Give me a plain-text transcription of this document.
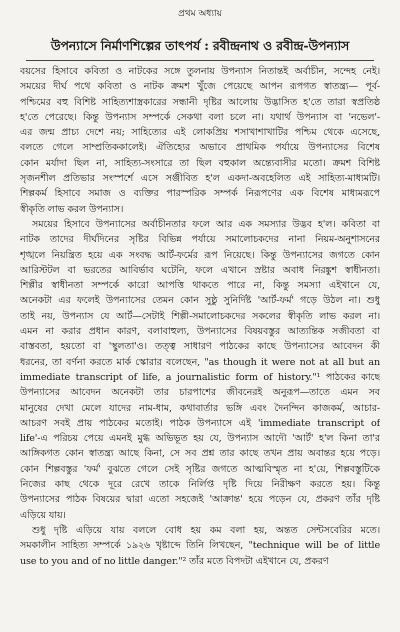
প্রথম অধ্যায়
উপন্যাসে নির্মাণশিল্পের তাৎপর্য : রবীন্দ্রনাথ ও রবীন্দ্র-উপন্যাস
বয়সের হিসাবে কবিতা ও নাটকের সঙ্গে তুলনায় উপন্যাস নিতান্তই অর্বাচীন, সন্দেহ নেই।
সময়ের দীর্ঘ পথে কবিতা ও নাটক ক্রমশ খুঁজে পেয়েছে আপন রূপগত স্বাতন্ত্র্য— পূর্ব-
পশ্চিমের বহু বিশিষ্ট সাহিত্যশাস্ত্রকারের সন্ধানী দৃষ্টির আলোয় উদ্ভাসিত হ'তে তারা স্বপ্রতিষ্ঠ
হ'তে পেরেছে। কিন্তু উপন্যাস সম্পর্কে সেকথা বলা চলে না। যথার্থ উপন্যাস বা 'নভেল'-
এর জন্ম প্রাচ্য দেশে নয়; সাহিত্যের এই লোকপ্রিয় শসাখাশাখাটির পশ্চিম থেকে এসেছে,
বলতে গেলে সাম্প্রতিককালেই। ঐতিহ্যের অভাবে প্রাথমিক পর্যায়ে উপন্যাসের বিশেষ
কোন মর্যাদা ছিল না, সাহিত্য-সংসারে তা ছিল বহুকাল অন্ত্যেবাসীর মতো। ক্রমশ বিশিষ্ট
সৃজনশীল প্রতিভার সংস্পর্শে এসে সঞ্জীবিত হ'ল একদা-অবহেলিত এই সাহিত্য-মাধ্যমটি।
শিল্পকর্ম হিসাবে সমাজ ও ব্যক্তির পারস্পরিক সম্পর্ক নিরূপণের এক বিশেষ মাধ্যমরূপে
স্বীকৃতি লাভ করল উপন্যাস।
সময়ের হিসাবে উপন্যাসের অর্বাচীনতার ফলে আর এক সমস্যার উদ্ভব হ'ল। কবিতা বা
নাটক তাদের দীর্ঘদিনের সৃষ্টির বিভিন্ন পর্যায়ে সমালোচকদের নানা নিয়ম-অনুশাসনের
শৃঙ্খলে নিয়ন্ত্রিত হয়ে এক সংবদ্ধ আর্ট-ফর্মের রূপ নিয়েছে। কিন্তু উপন্যাসের জগতে কোন
আরিস্টটল বা ভরতের আবির্ভাব ঘটেনি, ফলে এখানে স্রষ্টার অবাধ নিরঙ্কুশ স্বাধীনতা।
শিল্পীর স্বাধীনতা সম্পর্কে কারো আপত্তি থাকতে পারে না, কিন্তু সমস্যা এইখানে যে,
অনেকটা এর ফলেই উপন্যাসের তেমন কোন সুষ্ঠু সুনির্দিষ্ট 'আর্ট-ফর্ম' গড়ে উঠল না। শুধু
তাই নয়, উপন্যাস যে আর্ট—সেটাই শিল্পী-সমালোচকদের সকলের স্বীকৃতি লাভ করল না।
এমন না করার প্রধান কারণ, বলাবাহুল্য, উপন্যাসের বিষয়বস্তুর আত্যন্তিক সজীবতা বা
বাস্তবতা, হয়তো বা 'স্থুলতা'ও। তত্ত্ব সাধারণ পাঠকের কাছে উপন্যাসের আবেদন কী
ধরনের, তা বর্ণনা করতে মার্ক স্কোরার বলেছেন, "as though it were not at all but an
immediate transcript of life, a journalistic form of history."¹ পাঠকের কাছে
উপন্যাসের আবেদন অনেকটা তার চারপাশের জীবনেরই অনুরূপ—তাতে এমন সব
মানুষের দেখা মেলে যাদের নাম-ধাম, কথাবার্তার ভঙ্গি এবং দৈনন্দিন কাজকর্ম, আচার-
আচরণ সবই প্রায় পাঠকের মতোই। পাঠক উপন্যাসে এই 'immediate transcript of
life'-এ পরিচয় পেয়ে এমনই মুগ্ধ অভিভূত হয় যে, উপন্যাস আদৌ 'আর্ট' হ'ল কিনা তা'র
আঙ্গিকগত কোন স্বাতন্ত্র্য আছে কিনা, সে সব প্রশ্ন তার কাছে তখন প্রায় অবান্তর হয়ে পড়ে।
কোন শিল্পবস্তুর 'ফর্ম' বুঝতে গেলে সেই সৃষ্টির জগতে আত্মবিস্মৃত না হ'য়ে, শিল্পবস্তুটিকে
নিজের কাছ থেকে দূরে রেখে তাকে নির্লিপ্ত দৃষ্টি দিয়ে নিরীক্ষণ করতে হয়। কিন্তু
উপন্যাসের পাঠক বিষয়ের দ্বারা এতো সহজেই 'আক্রান্ত' হয়ে পড়েন যে, প্রকরণ তাঁর দৃষ্টি
এড়িয়ে যায়।
শুধু দৃষ্টি এড়িয়ে যায় বললে বোধ হয় কম বলা হয়, অন্তত সেন্টসবেরির মতে।
সমকালীন সাহিত্য সম্পর্কে ১৯২৬ খৃষ্টাব্দে তিনি লিখছেন, "technique will be of little
use to you and of no little danger."² তাঁর মতে বিপদটা এইখানে যে, প্রকরণ
